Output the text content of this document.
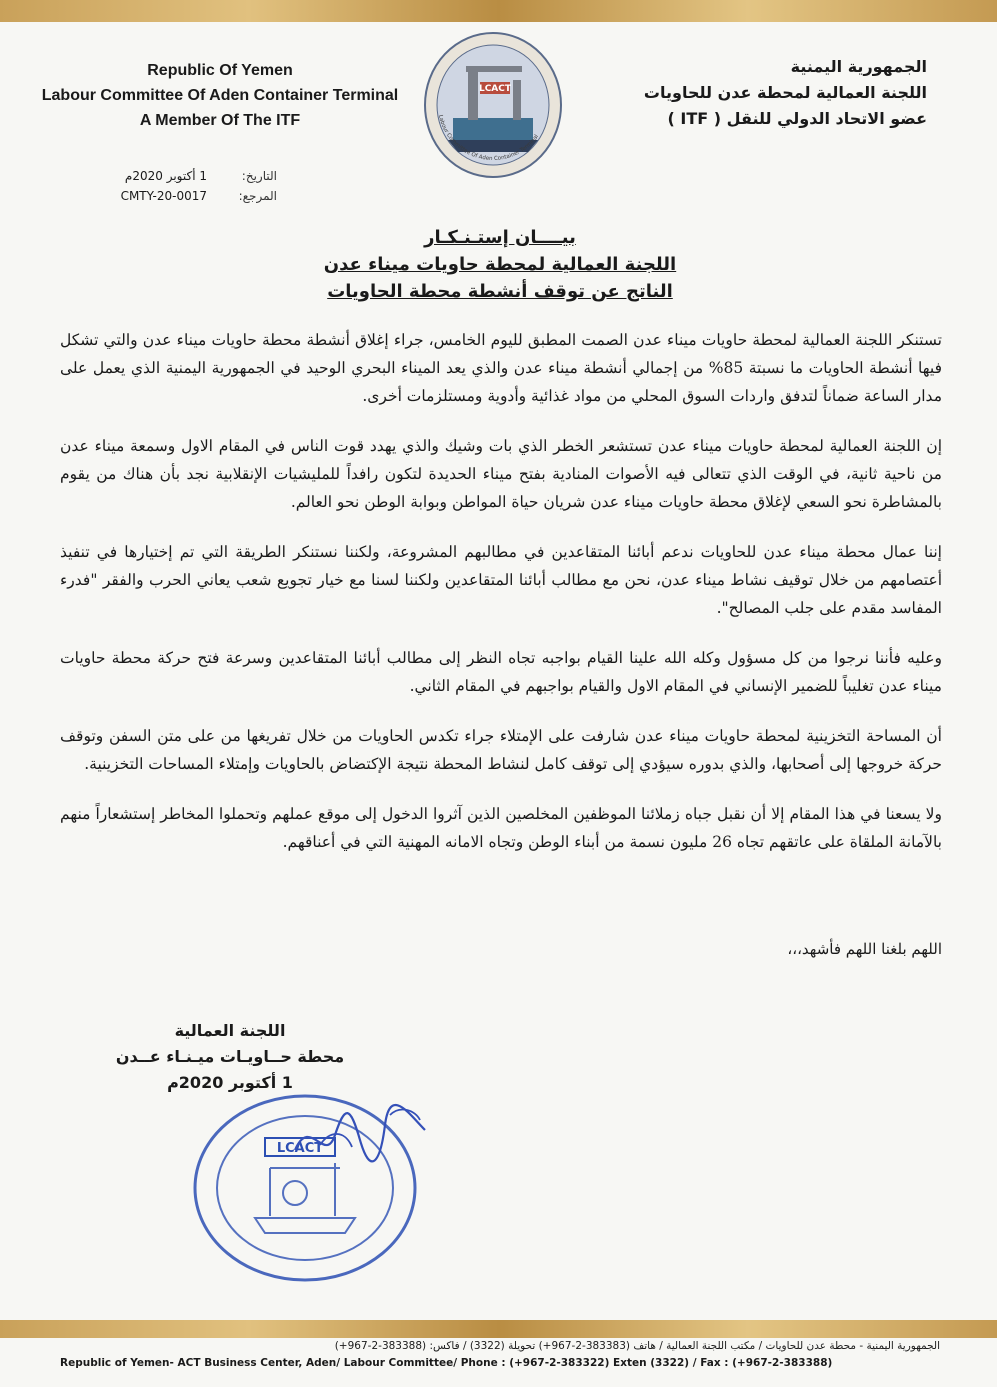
Republic Of Yemen
Labour Committee Of Aden Container Terminal
A Member Of The ITF
LCACT
Labour Committee Of Aden Container Terminal
الجمهورية اليمنية
اللجنة العمالية لمحطة عدن للحاويات
عضو الاتحاد الدولي للنقل ( ITF )
التاريخ:
1 أكتوبر 2020م
المرجع:
CMTY-20-0017
بيــــان إستـنـكـار
اللجنة العمالية لمحطة حاويات ميناء عدن
الناتج عن توقف أنشطة محطة الحاويات

تستنكر اللجنة العمالية لمحطة حاويات ميناء عدن الصمت المطبق لليوم الخامس، جراء إغلاق أنشطة محطة حاويات ميناء عدن والتي تشكل فيها أنشطة الحاويات ما نسبتة 85% من إجمالي أنشطة ميناء عدن والذي يعد الميناء البحري الوحيد في الجمهورية اليمنية الذي يعمل على مدار الساعة ضماناً لتدفق واردات السوق المحلي من مواد غذائية وأدوية ومستلزمات أخرى.

إن اللجنة العمالية لمحطة حاويات ميناء عدن تستشعر الخطر الذي بات وشيك والذي يهدد قوت الناس في المقام الاول وسمعة ميناء عدن من ناحية ثانية، في الوقت الذي تتعالى فيه الأصوات المنادية بفتح ميناء الحديدة لتكون رافداً للمليشيات الإنقلابية نجد بأن هناك من يقوم بالمشاطرة نحو السعي لإغلاق محطة حاويات ميناء عدن شريان حياة المواطن وبوابة الوطن نحو العالم.

إننا عمال محطة ميناء عدن للحاويات ندعم أبائنا المتقاعدين في مطالبهم المشروعة، ولكننا نستنكر الطريقة التي تم إختيارها في تنفيذ أعتصامهم من خلال توقيف نشاط ميناء عدن، نحن مع مطالب أبائنا المتقاعدين ولكننا لسنا مع خيار تجويع شعب يعاني الحرب والفقر "فدرء المفاسد مقدم على جلب المصالح".

وعليه فأننا نرجوا من كل مسؤول وكله الله علينا القيام بواجبه تجاه النظر إلى مطالب أبائنا المتقاعدين وسرعة فتح حركة محطة حاويات ميناء عدن تغليباً للضمير الإنساني في المقام الاول والقيام بواجبهم في المقام الثاني.

أن المساحة التخزينية لمحطة حاويات ميناء عدن شارفت على الإمتلاء جراء تكدس الحاويات من خلال تفريغها من على متن السفن وتوقف حركة خروجها إلى أصحابها، والذي بدوره سيؤدي إلى توقف كامل لنشاط المحطة نتيجة الإكتضاض بالحاويات وإمتلاء المساحات التخزينية.

ولا يسعنا في هذا المقام إلا أن نقبل جباه زملائنا الموظفين المخلصين الذين آثروا الدخول إلى موقع عملهم وتحملوا المخاطر إستشعاراً منهم بالآمانة الملقاة على عاتقهم تجاه 26 مليون نسمة من أبناء الوطن وتجاه الامانه المهنية التي في أعناقهم.

اللهم بلغنا اللهم فأشهد،،،
اللجنة العمالية
محطة حــاويـات ميـنـاء عــدن
1 أكتوبر 2020م
LCACT
الجمهورية اليمنية - محطة عدن للحاويات / مكتب اللجنة العمالية / هاتف (383383-2-967+) تحويلة (3322) / فاكس: (383388-2-967+)
Republic of Yemen- ACT Business Center, Aden/ Labour Committee/ Phone : (+967-2-383322) Exten (3322) / Fax : (+967-2-383388)
